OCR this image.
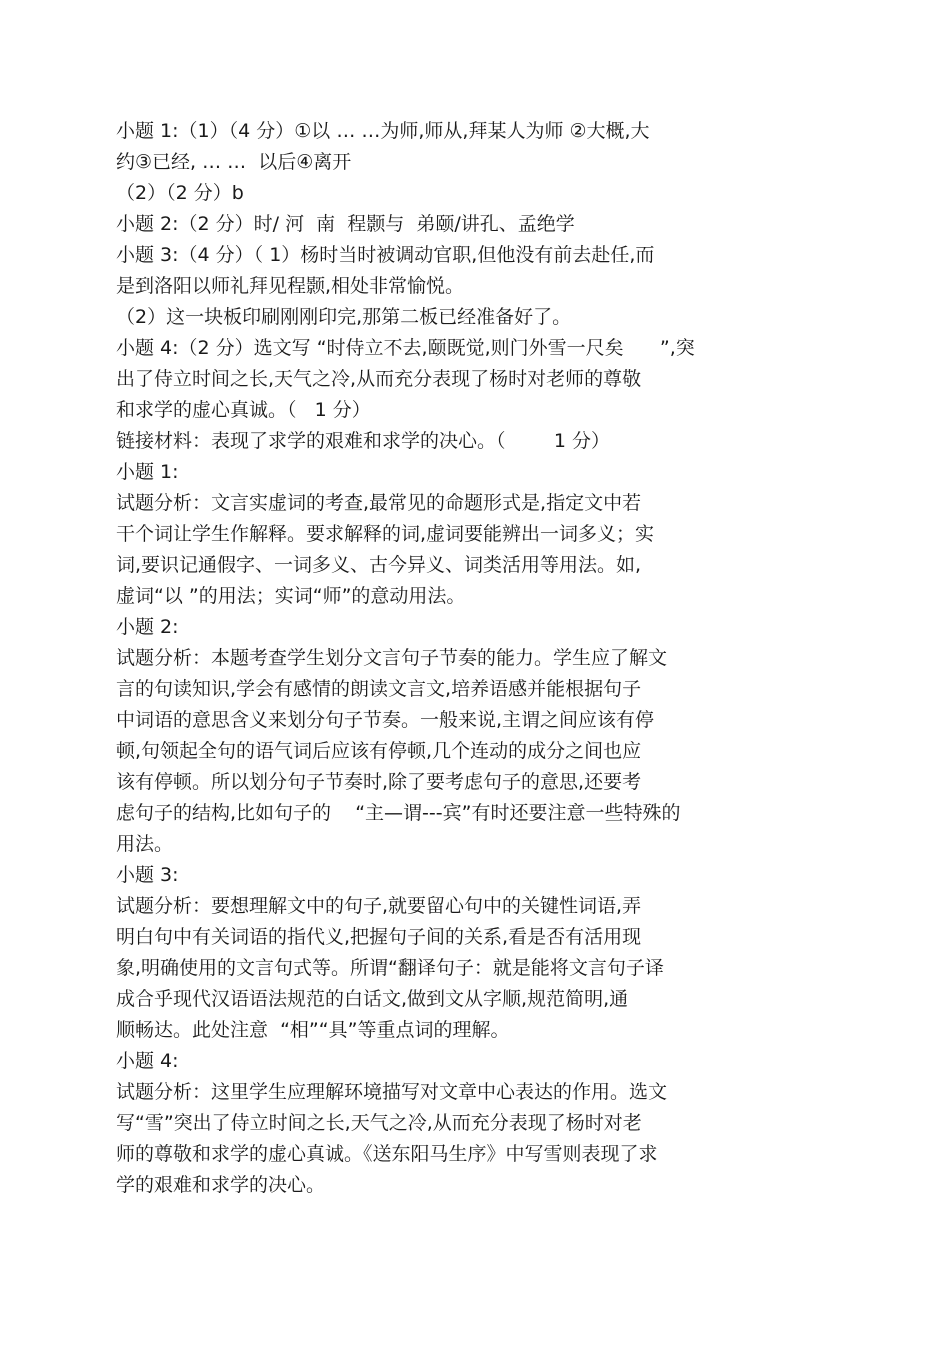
小题 1:（1）（4 分）①以 … …为师,师从,拜某人为师 ②大概,大
约③已经, … …  以后④离开
（2）（2 分）b
小题 2:（2 分）时/ 河  南  程颢与  弟颐/讲孔、孟绝学
小题 3:（4 分）（ 1）杨时当时被调动官职,但他没有前去赴任,而
是到洛阳以师礼拜见程颢,相处非常愉悦。
（2）这一块板印刷刚刚印完,那第二板已经准备好了。
小题 4:（2 分）选文写 “时侍立不去,颐既觉,则门外雪一尺矣      ”,突
出了侍立时间之长,天气之冷,从而充分表现了杨时对老师的尊敬
和求学的虚心真诚。（   1 分）
链接材料：表现了求学的艰难和求学的决心。（        1 分）
小题 1:
试题分析：文言实虚词的考查,最常见的命题形式是,指定文中若
干个词让学生作解释。要求解释的词,虚词要能辨出一词多义；实
词,要识记通假字、一词多义、古今异义、词类活用等用法。如,
虚词“以 ”的用法；实词“师”的意动用法。
小题 2:
试题分析：本题考查学生划分文言句子节奏的能力。学生应了解文
言的句读知识,学会有感情的朗读文言文,培养语感并能根据句子
中词语的意思含义来划分句子节奏。一般来说,主谓之间应该有停
顿,句领起全句的语气词后应该有停顿,几个连动的成分之间也应
该有停顿。所以划分句子节奏时,除了要考虑句子的意思,还要考
虑句子的结构,比如句子的    “主—谓---宾”有时还要注意一些特殊的
用法。
小题 3:
试题分析：要想理解文中的句子,就要留心句中的关键性词语,弄
明白句中有关词语的指代义,把握句子间的关系,看是否有活用现
象,明确使用的文言句式等。所谓“翻译句子：就是能将文言句子译
成合乎现代汉语语法规范的白话文,做到文从字顺,规范简明,通
顺畅达。此处注意  “相”“具”等重点词的理解。
小题 4:
试题分析：这里学生应理解环境描写对文章中心表达的作用。选文
写“雪”突出了侍立时间之长,天气之冷,从而充分表现了杨时对老
师的尊敬和求学的虚心真诚。《送东阳马生序》中写雪则表现了求
学的艰难和求学的决心。
